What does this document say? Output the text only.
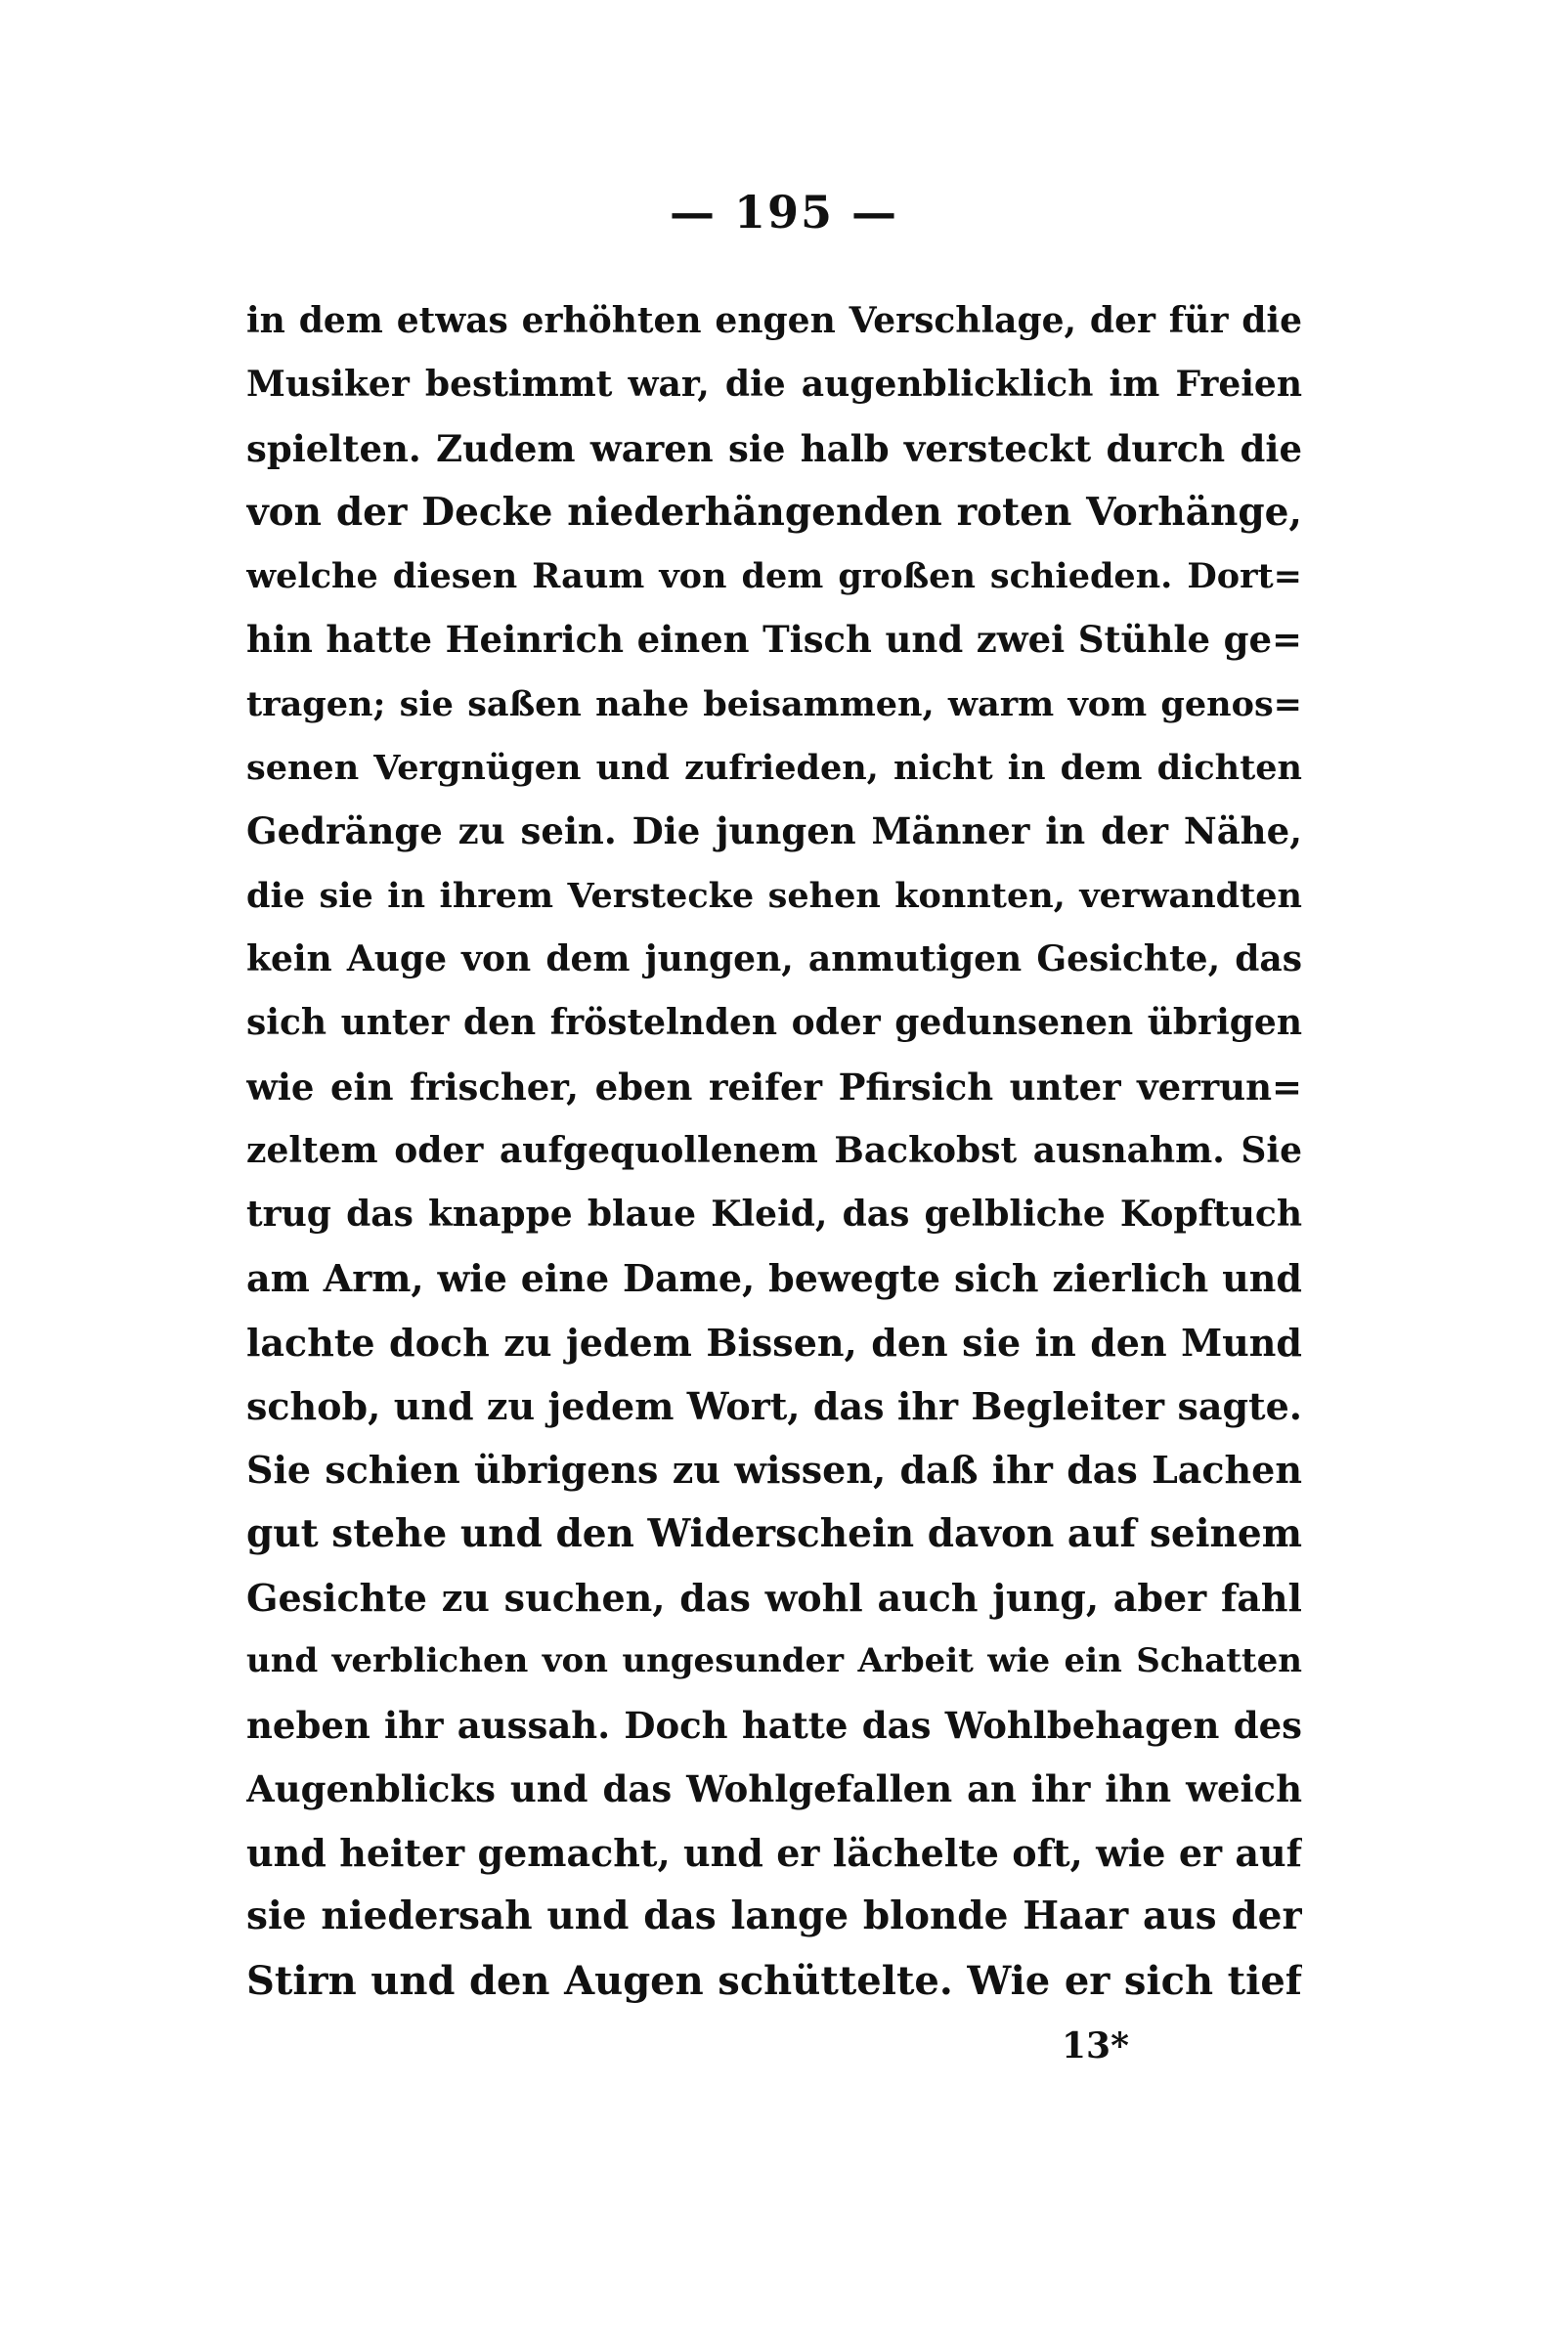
— 195 —
in dem etwas erhöhten engen Verschlage, der für die
Musiker bestimmt war, die augenblicklich im Freien
spielten. Zudem waren sie halb versteckt durch die
von der Decke niederhängenden roten Vorhänge,
welche diesen Raum von dem großen schieden. Dort=
hin hatte Heinrich einen Tisch und zwei Stühle ge=
tragen; sie saßen nahe beisammen, warm vom genos=
senen Vergnügen und zufrieden, nicht in dem dichten
Gedränge zu sein. Die jungen Männer in der Nähe,
die sie in ihrem Verstecke sehen konnten, verwandten
kein Auge von dem jungen, anmutigen Gesichte, das
sich unter den fröstelnden oder gedunsenen übrigen
wie ein frischer, eben reifer Pfirsich unter verrun=
zeltem oder aufgequollenem Backobst ausnahm. Sie
trug das knappe blaue Kleid, das gelbliche Kopftuch
am Arm, wie eine Dame, bewegte sich zierlich und
lachte doch zu jedem Bissen, den sie in den Mund
schob, und zu jedem Wort, das ihr Begleiter sagte.
Sie schien übrigens zu wissen, daß ihr das Lachen
gut stehe und den Widerschein davon auf seinem
Gesichte zu suchen, das wohl auch jung, aber fahl
und verblichen von ungesunder Arbeit wie ein Schatten
neben ihr aussah. Doch hatte das Wohlbehagen des
Augenblicks und das Wohlgefallen an ihr ihn weich
und heiter gemacht, und er lächelte oft, wie er auf
sie niedersah und das lange blonde Haar aus der
Stirn und den Augen schüttelte. Wie er sich tief
13*
